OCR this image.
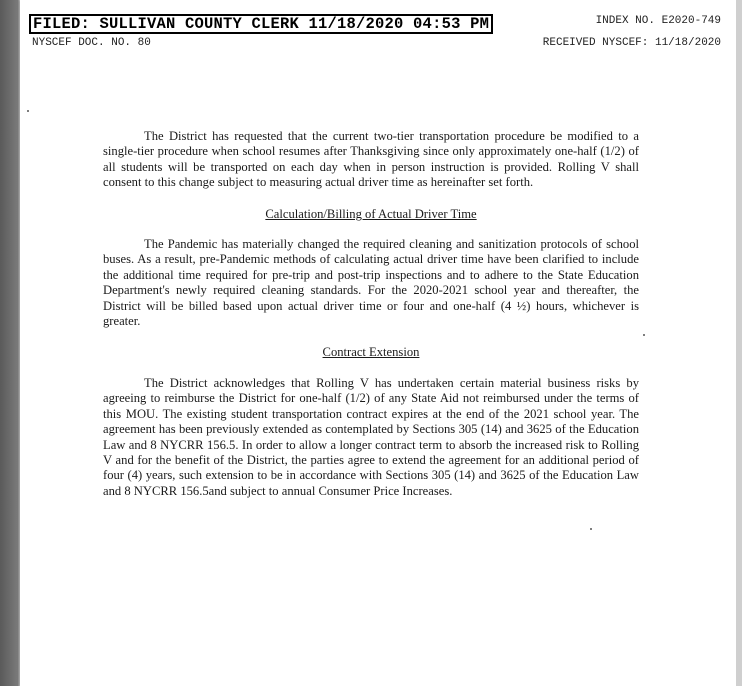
FILED: SULLIVAN COUNTY CLERK 11/18/2020 04:53 PM	INDEX NO. E2020-749
NYSCEF DOC. NO. 80	RECEIVED NYSCEF: 11/18/2020

The District has requested that the current two-tier transportation procedure be modified to a single-tier procedure when school resumes after Thanksgiving since only approximately one-half (1/2) of all students will be transported on each day when in person instruction is provided. Rolling V shall consent to this change subject to measuring actual driver time as hereinafter set forth.

Calculation/Billing of Actual Driver Time

The Pandemic has materially changed the required cleaning and sanitization protocols of school buses. As a result, pre-Pandemic methods of calculating actual driver time have been clarified to include the additional time required for pre-trip and post-trip inspections and to adhere to the State Education Department's newly required cleaning standards. For the 2020-2021 school year and thereafter, the District will be billed based upon actual driver time or four and one-half (4 ½) hours, whichever is greater.

Contract Extension

The District acknowledges that Rolling V has undertaken certain material business risks by agreeing to reimburse the District for one-half (1/2) of any State Aid not reimbursed under the terms of this MOU. The existing student transportation contract expires at the end of the 2021 school year. The agreement has been previously extended as contemplated by Sections 305 (14) and 3625 of the Education Law and 8 NYCRR 156.5. In order to allow a longer contract term to absorb the increased risk to Rolling V and for the benefit of the District, the parties agree to extend the agreement for an additional period of four (4) years, such extension to be in accordance with Sections 305 (14) and 3625 of the Education Law and 8 NYCRR 156.5and subject to annual Consumer Price Increases.
